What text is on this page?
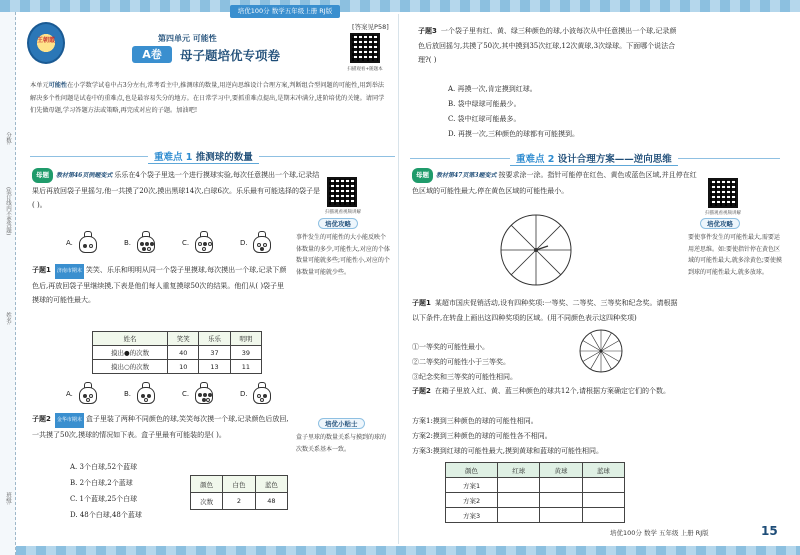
培优100分 数学五年级上册 RJ版
(装订线内不要答题)
分数:
姓名:
班级:
王朝霞	第四单元 可能性
A卷	母子题培优专项卷
[答案见P58]
扫描观看+随题本
本单元可能性在小学数学试卷中占3分左右,常考看主中,推测球的数量,用逆向思维设计合理方案,判断组合型问题的可能性,用到举法解决多个性问题是试卷中的重难点,也是最容易失分的地方。在日常学习中,要抓重难点提出,是期末冲满分,进阶培优的关键。请同学们先做母题,学习答题方法或策略,再完成对应的子题。加油吧!
重难点 1 推测球的数量
母题 教材第46页例题变式 乐乐在4个袋子里选一个进行摸球实验,每次任意摸出一个球,记录结果后再放回袋子里摇匀,他一共摸了20次,摸出黑球14次,白球6次。乐乐最有可能选择的袋子是( )。
A.	B.	C.	D.
扫描观看视频讲解
培优攻略
事件发生的可能性的大小能反映个体数量的多少,可能性大,对应的个体数量可能就多些;可能性小,对应的个体数量可能就少些。
子题1 济南市期末 笑笑、乐乐和明明从同一个袋子里摸球,每次摸出一个球,记录下颜色后,再放回袋子里继续摸,下表是他们每人重复摸球50次的结果。他们从( )袋子里摸球的可能性最大。
姓名	笑笑	乐乐	明明
摸出●的次数	40	37	39
摸出○的次数	10	13	11
A.	B.	C.	D.
子题2 金华市期末 盒子里装了两种不同颜色的球,笑笑每次摸一个球,记录颜色后放回,一共摸了50次,摸球的情况如下表。盒子里最有可能装的是( )。
A. 3个白球,52个蓝球
B. 2个白球,2个蓝球
C. 1个蓝球,25个白球
D. 48个白球,48个蓝球
颜色	白色	蓝色
次数	2	48
培优小贴士
盒子里球的数量关系与摸到的球的次数关系基本一致。
子题3 一个袋子里有红、黄、绿三种颜色的球,小波每次从中任意摸出一个球,记录颜色后放回摇匀,共摸了50次,其中摸到35次红球,12次黄球,3次绿球。下面哪个说法合理?( )
A. 再摸一次,肯定摸到红球。
B. 袋中绿球可能最少。
C. 袋中红球可能最多。
D. 再摸一次,三种颜色的球都有可能摸到。
重难点 2 设计合理方案——逆向思维
母题 教材第47页第3题变式 按要求涂一涂。指针可能停在红色、黄色或蓝色区域,并且停在红色区域的可能性最大,停在黄色区域的可能性最小。
扫描观看视频讲解
培优攻略
要使事件发生的可能性最大,需要运用逆思维。如:要使指针停在黄色区域的可能性最大,就多涂黄色;要使摸到球的可能性最大,就多放球。
子题1 某超市国庆促销活动,设有四种奖项:一等奖、二等奖、三等奖和纪念奖。请根据以下条件,在转盘上画出这四种奖项的区域。(用不同颜色表示这四种奖项)
①一等奖的可能性最小。
②二等奖的可能性小于三等奖。
③纪念奖和三等奖的可能性相同。
子题2 在箱子里放入红、黄、蓝三种颜色的球共12个,请根据方案确定它们的个数。
方案1:摸到三种颜色的球的可能性相同。
方案2:摸到三种颜色的球的可能性各不相同。
方案3:摸到红球的可能性最大,摸到黄球和蓝球的可能性相同。
颜色	红球	黄球	蓝球
方案1			
方案2			
方案3			
培优100分 数学 五年级 上册 RJ版	15
